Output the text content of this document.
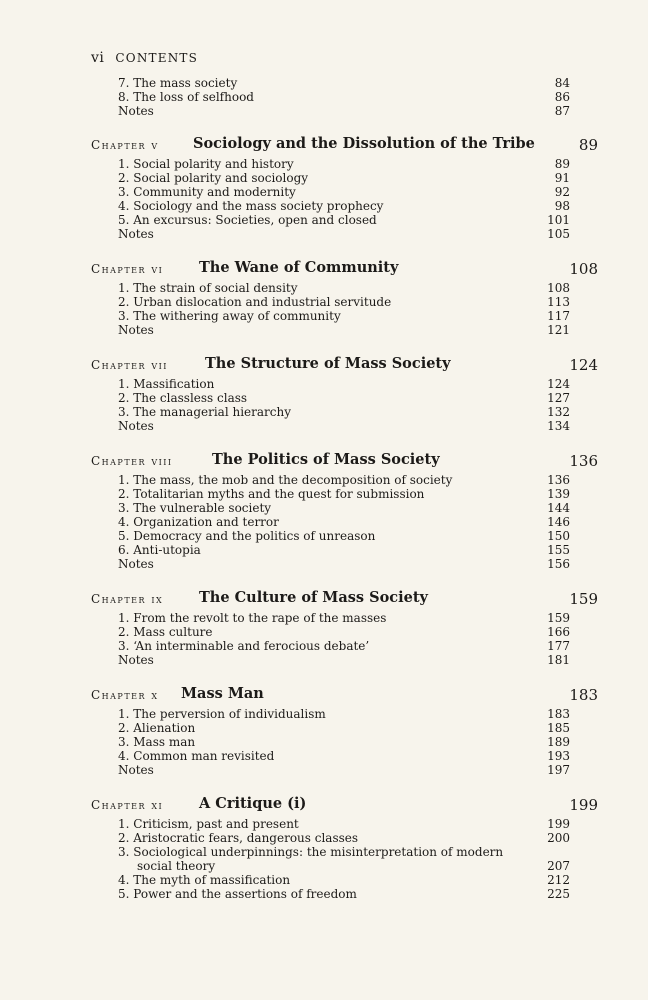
vi CONTENTS
7. The mass society	84
8. The loss of selfhood	86
Notes	87
Chapter v Sociology and the Dissolution of the Tribe	89
1. Social polarity and history	89
2. Social polarity and sociology	91
3. Community and modernity	92
4. Sociology and the mass society prophecy	98
5. An excursus: Societies, open and closed	101
Notes	105
Chapter vi The Wane of Community	108
1. The strain of social density	108
2. Urban dislocation and industrial servitude	113
3. The withering away of community	117
Notes	121
Chapter vii	The Structure of Mass Society	124
1. Massification	124
2. The classless class	127
3. The managerial hierarchy	132
Notes	134
Chapter viii	The Politics of Mass Society	136
1. The mass, the mob and the decomposition of society	136
2. Totalitarian myths and the quest for submission	139
3. The vulnerable society	144
4. Organization and terror	146
5. Democracy and the politics of unreason	150
6. Anti-utopia	155
Notes	156
Chapter ix The Culture of Mass Society	159
1. From the revolt to the rape of the masses	159
2. Mass culture	166
3. ‘An interminable and ferocious debate’	177
Notes	181
Chapter x Mass Man	183
1. The perversion of individualism	183
2. Alienation	185
3. Mass man	189
4. Common man revisited	193
Notes	197
Chapter xi A Critique (i)	199
1. Criticism, past and present	199
2. Aristocratic fears, dangerous classes	200
3. Sociological underpinnings: the misinterpretation of modern
social theory	207
4. The myth of massification	212
5. Power and the assertions of freedom	225
